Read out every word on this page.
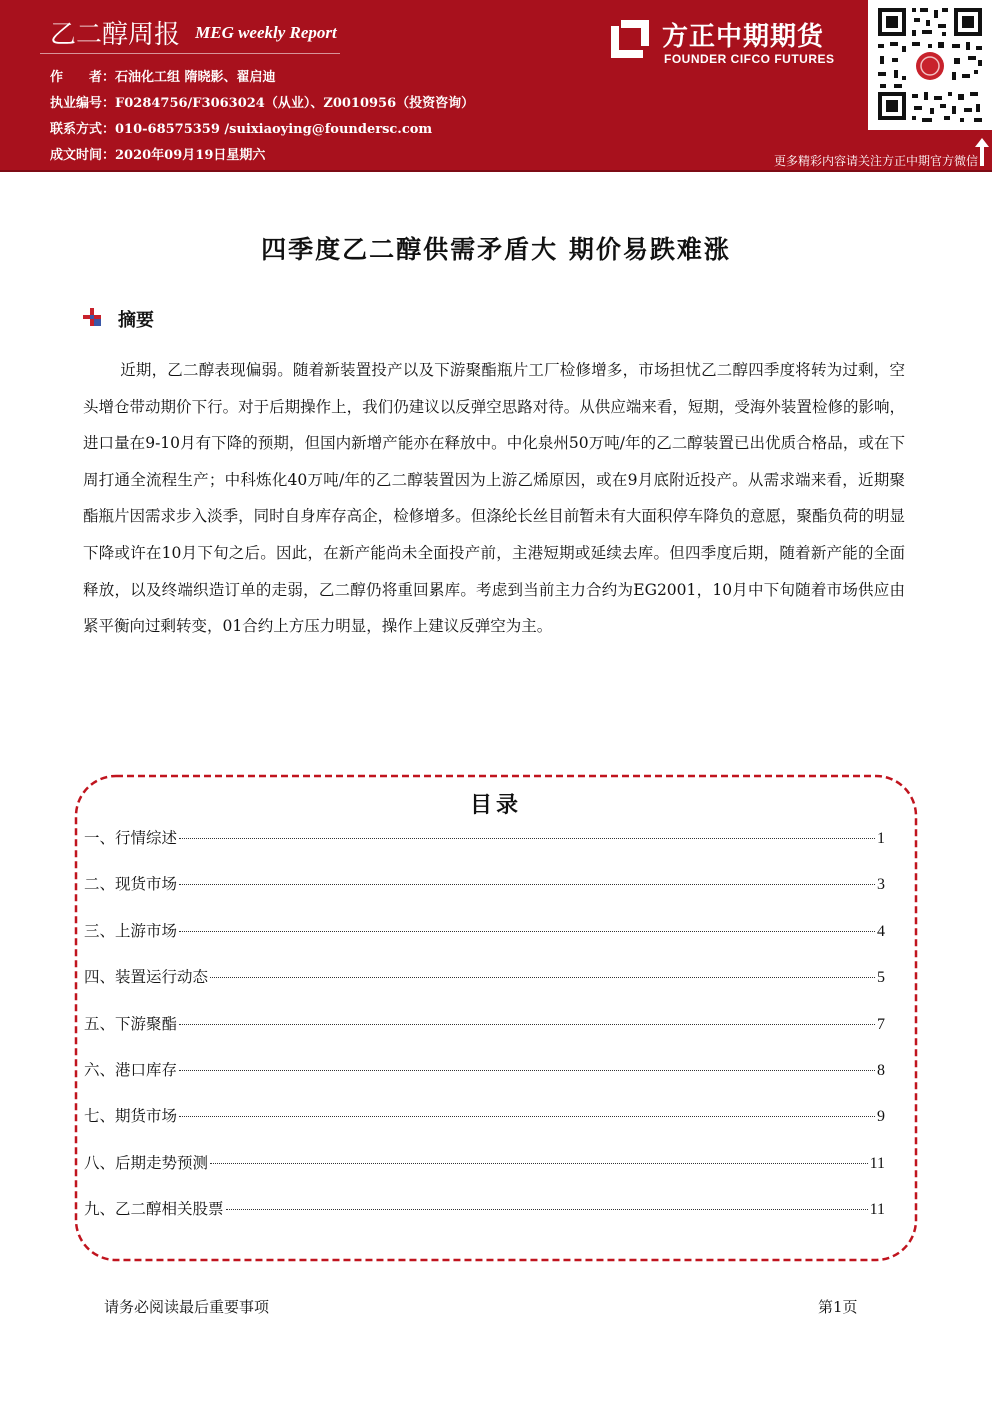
乙二醇周报 MEG weekly Report
作　　者：石油化工组 隋晓影、翟启迪
执业编号：F0284756/F3063024（从业）、Z0010956（投资咨询）
联系方式：010-68575359 /suixiaoying@foundersc.com
成文时间：2020年09月19日星期六
方正中期期货
FOUNDER CIFCO FUTURES
更多精彩内容请关注方正中期官方微信
四季度乙二醇供需矛盾大 期价易跌难涨
摘要

近期，乙二醇表现偏弱。随着新装置投产以及下游聚酯瓶片工厂检修增多，市场担忧乙二醇四季度将转为过剩，空头增仓带动期价下行。对于后期操作上，我们仍建议以反弹空思路对待。从供应端来看，短期，受海外装置检修的影响，进口量在9-10月有下降的预期，但国内新增产能亦在释放中。中化泉州50万吨/年的乙二醇装置已出优质合格品，或在下周打通全流程生产；中科炼化40万吨/年的乙二醇装置因为上游乙烯原因，或在9月底附近投产。从需求端来看，近期聚酯瓶片因需求步入淡季，同时自身库存高企，检修增多。但涤纶长丝目前暂未有大面积停车降负的意愿，聚酯负荷的明显下降或许在10月下旬之后。因此，在新产能尚未全面投产前，主港短期或延续去库。但四季度后期，随着新产能的全面释放，以及终端织造订单的走弱，乙二醇仍将重回累库。考虑到当前主力合约为EG2001，10月中下旬随着市场供应由紧平衡向过剩转变，01合约上方压力明显，操作上建议反弹空为主。

目录
一、行情综述	1
二、现货市场	3
三、上游市场	4
四、装置运行动态	5
五、下游聚酯	7
六、港口库存	8
七、期货市场	9
八、后期走势预测	11
九、乙二醇相关股票	11
请务必阅读最后重要事项	第1页
